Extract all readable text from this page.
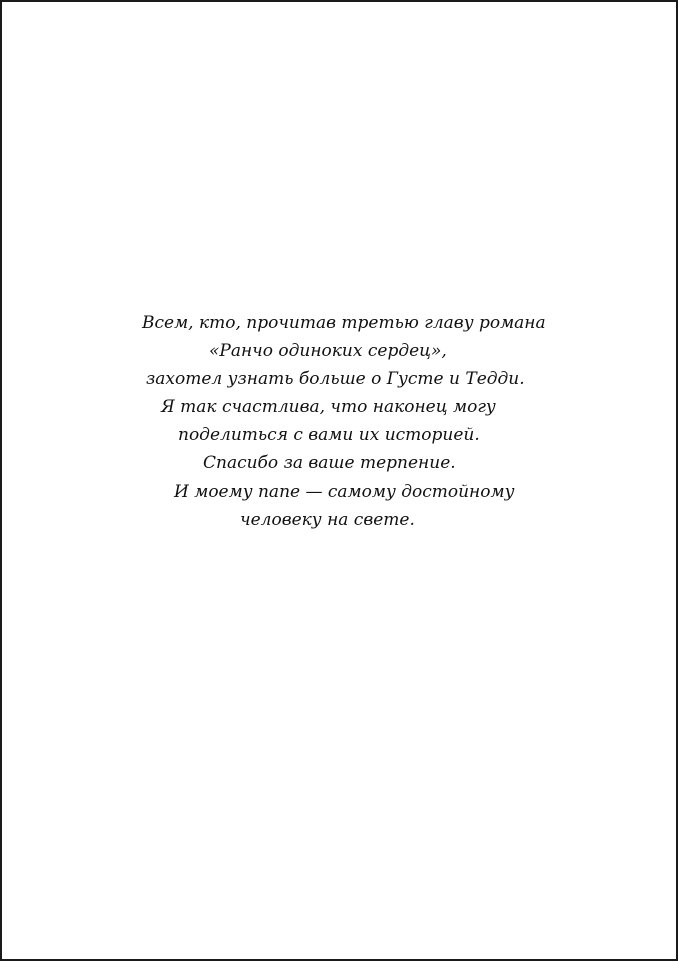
Всем, кто, прочитав третью главу романа
«Ранчо одиноких сердец»,
захотел узнать больше о Густе и Тедди.
Я так счастлива, что наконец могу
поделиться с вами их историей.
Спасибо за ваше терпение.
И моему папе — самому достойному
человеку на свете.
